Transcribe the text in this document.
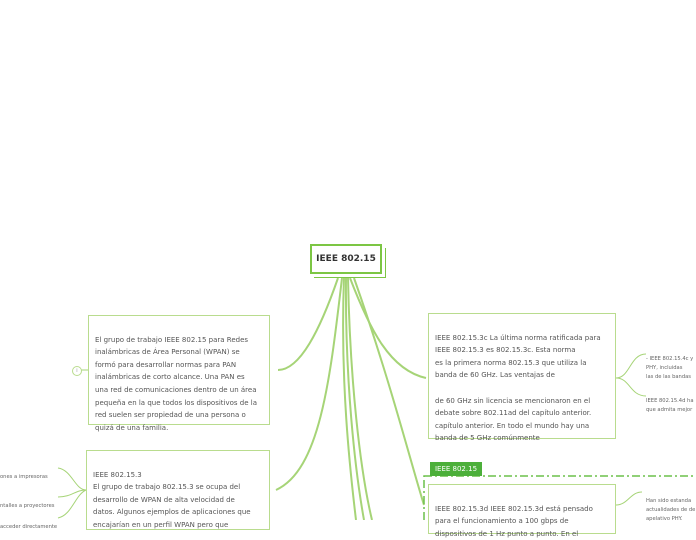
IEEE 802.15

El grupo de trabajo IEEE 802.15 para Redes
inalámbricas de Área Personal (WPAN) se
formó para desarrollar normas para PAN
inalámbricas de corto alcance. Una PAN es
una red de comunicaciones dentro de un área
pequeña en la que todos los dispositivos de la
red suelen ser propiedad de una persona o
quizá de una familia.

IEEE 802.15.3
El grupo de trabajo 802.15.3 se ocupa del
desarrollo de WPAN de alta velocidad de
datos. Algunos ejemplos de aplicaciones que
encajarían en un perfil WPAN pero que

IEEE 802.15.3c La última norma ratificada para
IEEE 802.15.3 es 802.15.3c. Esta norma
es la primera norma 802.15.3 que utiliza la
banda de 60 GHz. Las ventajas de

de 60 GHz sin licencia se mencionaron en el
debate sobre 802.11ad del capítulo anterior.
capítulo anterior. En todo el mundo hay una
banda de 5 GHz comúnmente

IEEE 802.15

IEEE 802.15.3d IEEE 802.15.3d está pensado
para el funcionamiento a 100 gbps de
dispositivos de 1 Hz punto a punto. En el

- IEEE 802.15.4c y
PHY, incluidas
las de las bandas

IEEE 802.15.4d ha
que admita mejor

Han sido estanda
actualidades de de
apelativo PHY.

ones a impresoras

ntalles a proyectores

acceder directamente

i
